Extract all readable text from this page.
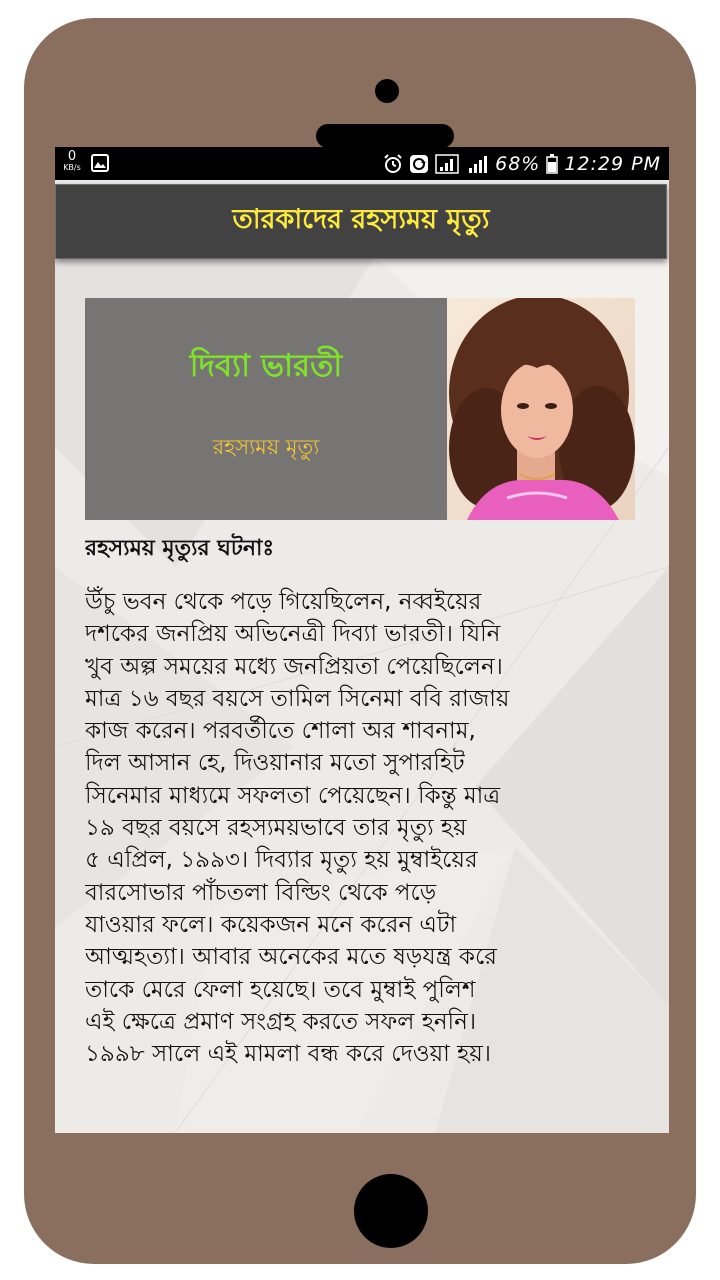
0
KB/s	68% 12:29 PM
তারকাদের রহস্যময় মৃত্যু
দিব্যা ভারতী
রহস্যময় মৃত্যু
রহস্যময় মৃত্যুর ঘটনাঃ

উঁচু ভবন থেকে পড়ে গিয়েছিলেন, নব্বইয়ের
দশকের জনপ্রিয় অভিনেত্রী দিব্যা ভারতী। যিনি
খুব অল্প সময়ের মধ্যে জনপ্রিয়তা পেয়েছিলেন।
মাত্র ১৬ বছর বয়সে তামিল সিনেমা ববি রাজায়
কাজ করেন। পরবর্তীতে শোলা অর শাবনাম,
দিল আসান হে, দিওয়ানার মতো সুপারহিট
সিনেমার মাধ্যমে সফলতা পেয়েছেন। কিন্তু মাত্র
১৯ বছর বয়সে রহস্যময়ভাবে তার মৃত্যু হয়
৫ এপ্রিল, ১৯৯৩। দিব্যার মৃত্যু হয় মুম্বাইয়ের
বারসোভার পাঁচতলা বিল্ডিং থেকে পড়ে
যাওয়ার ফলে। কয়েকজন মনে করেন এটা
আত্মহত্যা। আবার অনেকের মতে ষড়যন্ত্র করে
তাকে মেরে ফেলা হয়েছে। তবে মুম্বাই পুলিশ
এই ক্ষেত্রে প্রমাণ সংগ্রহ করতে সফল হননি।
১৯৯৮ সালে এই মামলা বন্ধ করে দেওয়া হয়।
